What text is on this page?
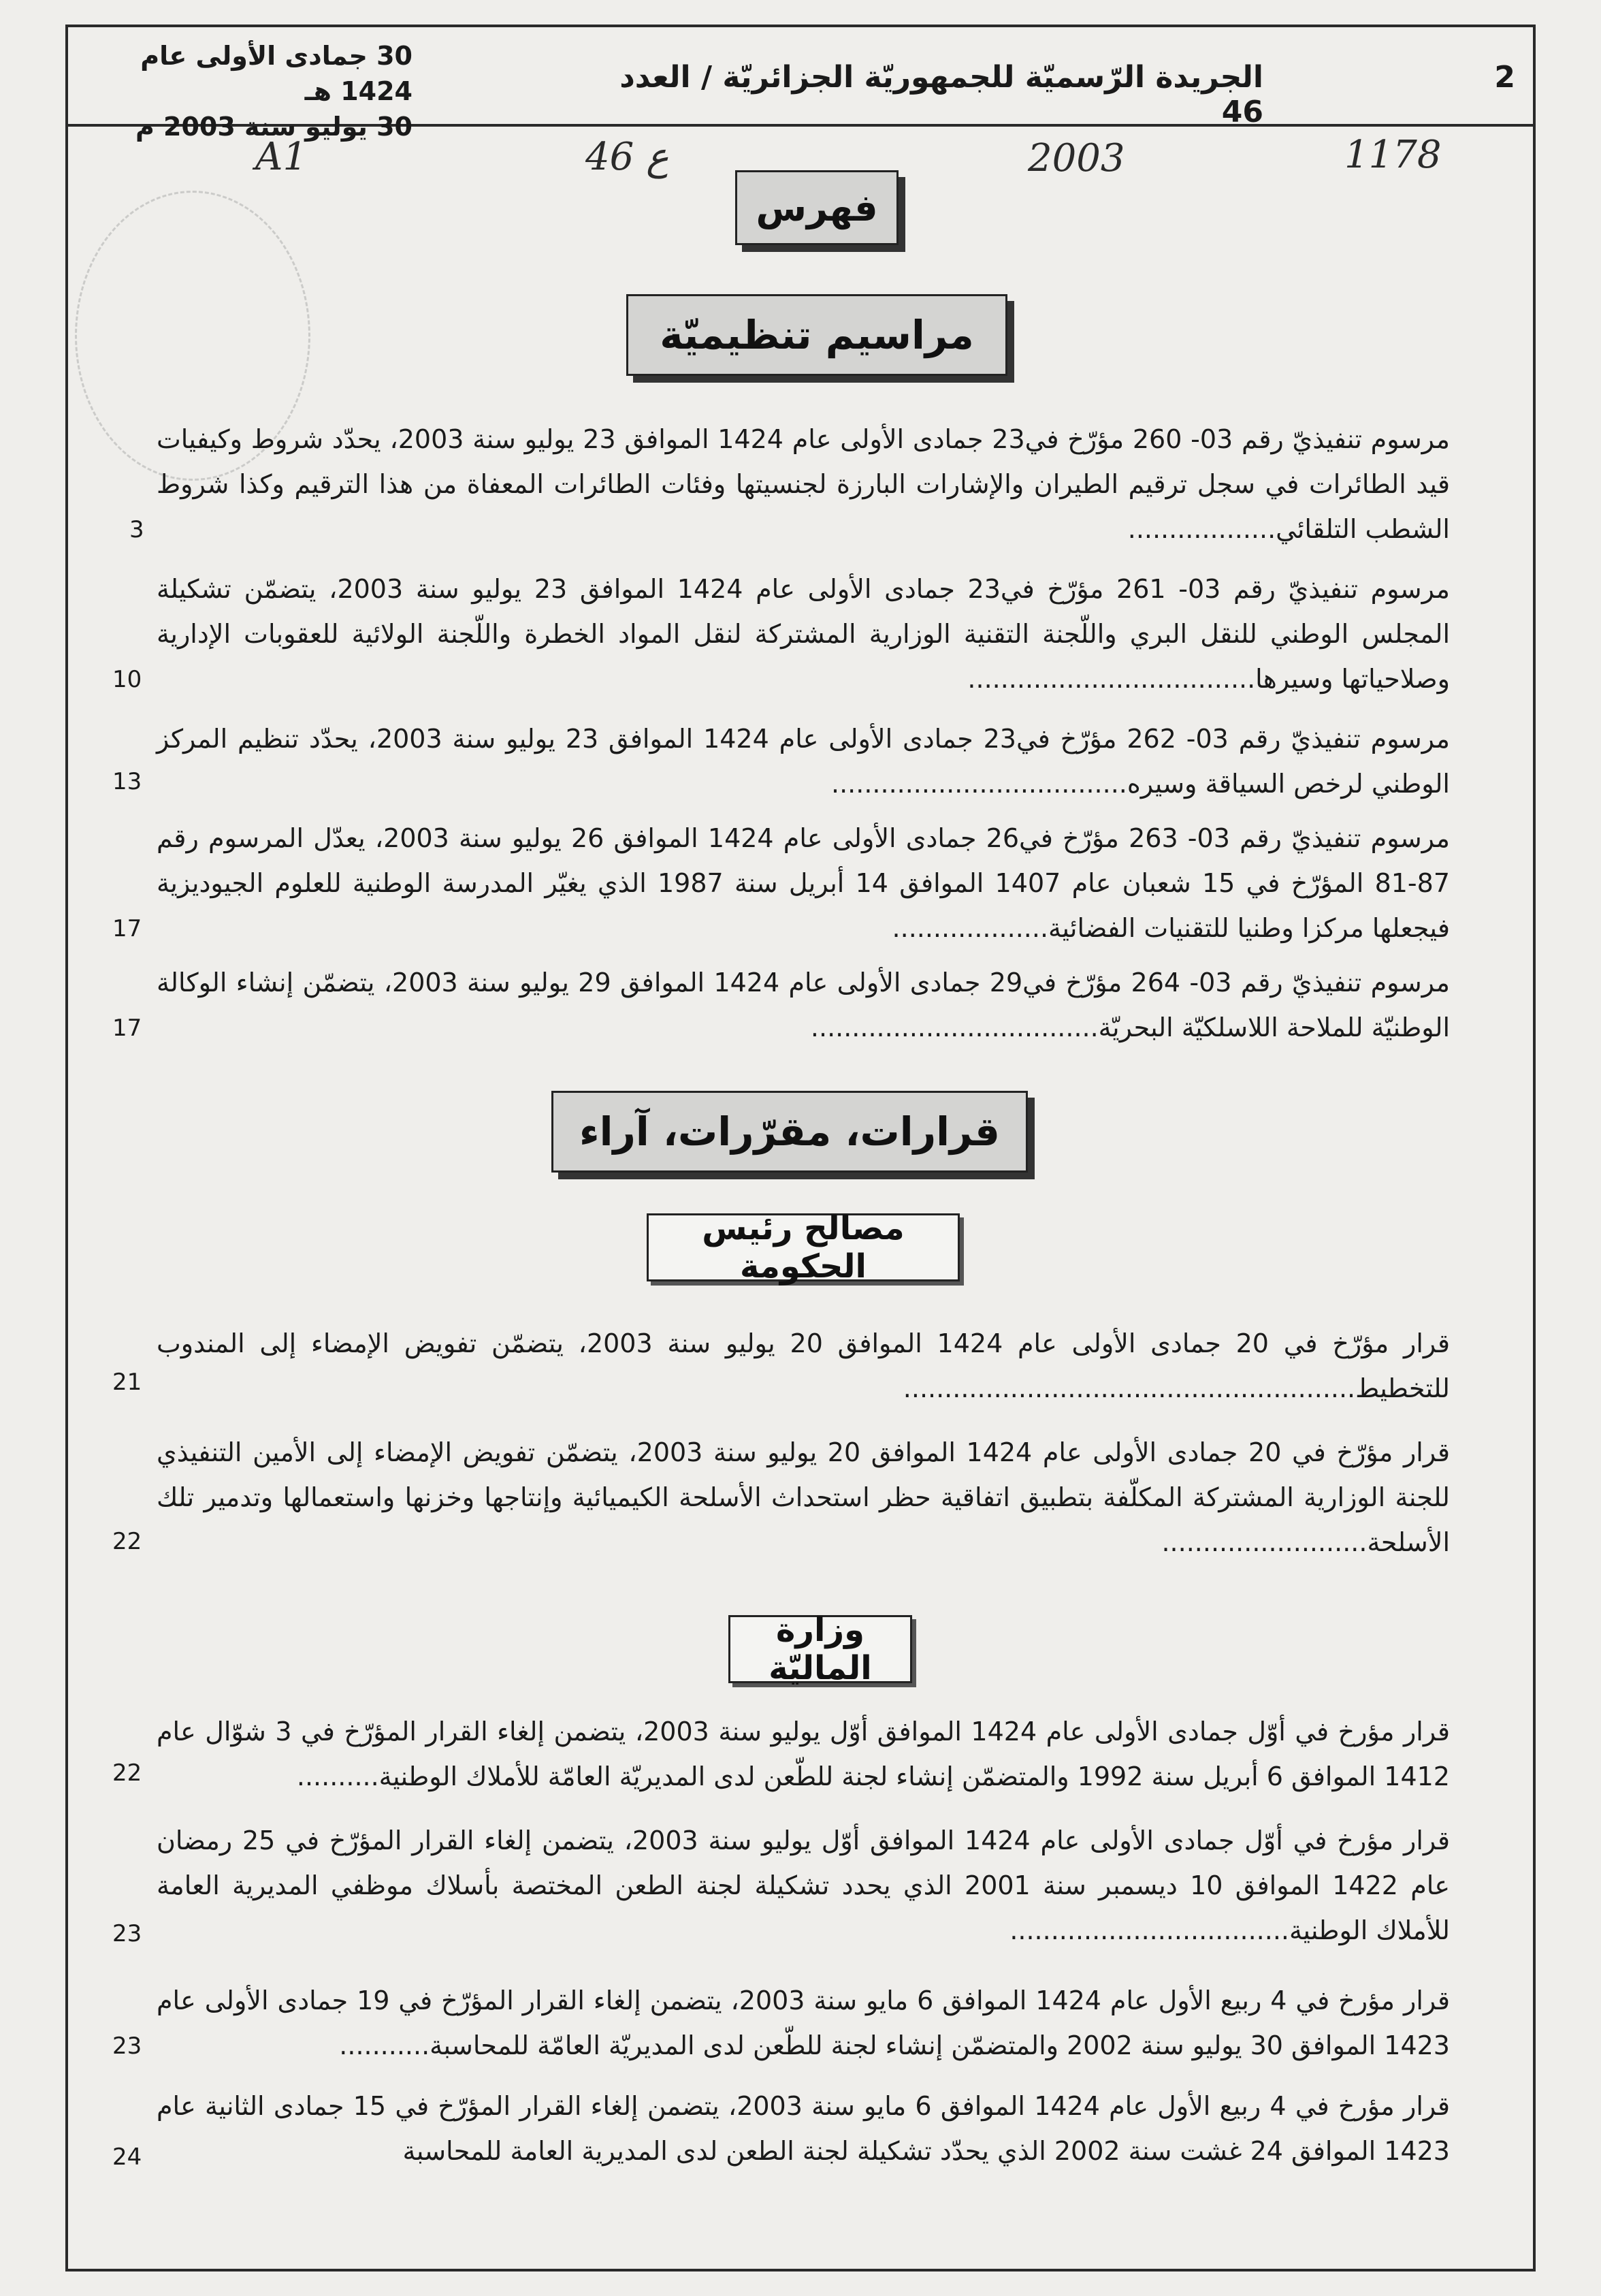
30 جمادى الأولى عام 1424 هـ
30 يوليو سنة 2003 م
الجريدة الرّسميّة للجمهوريّة الجزائريّة / العدد 46
2
A1	46 ع	2003	1178
فهرس
مراسيم تنظيميّة
مرسوم تنفيذيّ رقم 03- 260 مؤرّخ في23 جمادى الأولى عام 1424 الموافق 23 يوليو سنة 2003، يحدّد شروط وكيفيات قيد الطائرات في سجل ترقيم الطيران والإشارات البارزة لجنسيتها وفئات الطائرات المعفاة من هذا الترقيم وكذا شروط الشطب التلقائي..................
3
مرسوم تنفيذيّ رقم 03- 261 مؤرّخ في23 جمادى الأولى عام 1424 الموافق 23 يوليو سنة 2003، يتضمّن تشكيلة المجلس الوطني للنقل البري واللّجنة التقنية الوزارية المشتركة لنقل المواد الخطرة واللّجنة الولائية للعقوبات الإدارية وصلاحياتها وسيرها...................................
10
مرسوم تنفيذيّ رقم 03- 262 مؤرّخ في23 جمادى الأولى عام 1424 الموافق 23 يوليو سنة 2003، يحدّد تنظيم المركز الوطني لرخص السياقة وسيره....................................
13
مرسوم تنفيذيّ رقم 03- 263 مؤرّخ في26 جمادى الأولى عام 1424 الموافق 26 يوليو سنة 2003، يعدّل المرسوم رقم 87-81 المؤرّخ في 15 شعبان عام 1407 الموافق 14 أبريل سنة 1987 الذي يغيّر المدرسة الوطنية للعلوم الجيوديزية فيجعلها مركزا وطنيا للتقنيات الفضائية...................
17
مرسوم تنفيذيّ رقم 03- 264 مؤرّخ في29 جمادى الأولى عام 1424 الموافق 29 يوليو سنة 2003، يتضمّن إنشاء الوكالة الوطنيّة للملاحة اللاسلكيّة البحريّة...................................
17
قرارات، مقرّرات، آراء
مصالح رئيس الحكومة
قرار مؤرّخ في 20 جمادى الأولى عام 1424 الموافق 20 يوليو سنة 2003، يتضمّن تفويض الإمضاء إلى المندوب للتخطيط.......................................................
21
قرار مؤرّخ في 20 جمادى الأولى عام 1424 الموافق 20 يوليو سنة 2003، يتضمّن تفويض الإمضاء إلى الأمين التنفيذي للجنة الوزارية المشتركة المكلّفة بتطبيق اتفاقية حظر استحداث الأسلحة الكيميائية وإنتاجها وخزنها واستعمالها وتدمير تلك الأسلحة.........................
22
وزارة الماليّة
قرار مؤرخ في أوّل جمادى الأولى عام 1424 الموافق أوّل يوليو سنة 2003، يتضمن إلغاء القرار المؤرّخ في 3 شوّال عام 1412 الموافق 6 أبريل سنة 1992 والمتضمّن إنشاء لجنة للطّعن لدى المديريّة العامّة للأملاك الوطنية..........
22
قرار مؤرخ في أوّل جمادى الأولى عام 1424 الموافق أوّل يوليو سنة 2003، يتضمن إلغاء القرار المؤرّخ في 25 رمضان عام 1422 الموافق 10 ديسمبر سنة 2001 الذي يحدد تشكيلة لجنة الطعن المختصة بأسلاك موظفي المديرية العامة للأملاك الوطنية..................................
23
قرار مؤرخ في 4 ربيع الأول عام 1424 الموافق 6 مايو سنة 2003، يتضمن إلغاء القرار المؤرّخ في 19 جمادى الأولى عام 1423 الموافق 30 يوليو سنة 2002 والمتضمّن إنشاء لجنة للطّعن لدى المديريّة العامّة للمحاسبة...........
23
قرار مؤرخ في 4 ربيع الأول عام 1424 الموافق 6 مايو سنة 2003، يتضمن إلغاء القرار المؤرّخ في 15 جمادى الثانية عام 1423 الموافق 24 غشت سنة 2002 الذي يحدّد تشكيلة لجنة الطعن لدى المديرية العامة للمحاسبة
24
